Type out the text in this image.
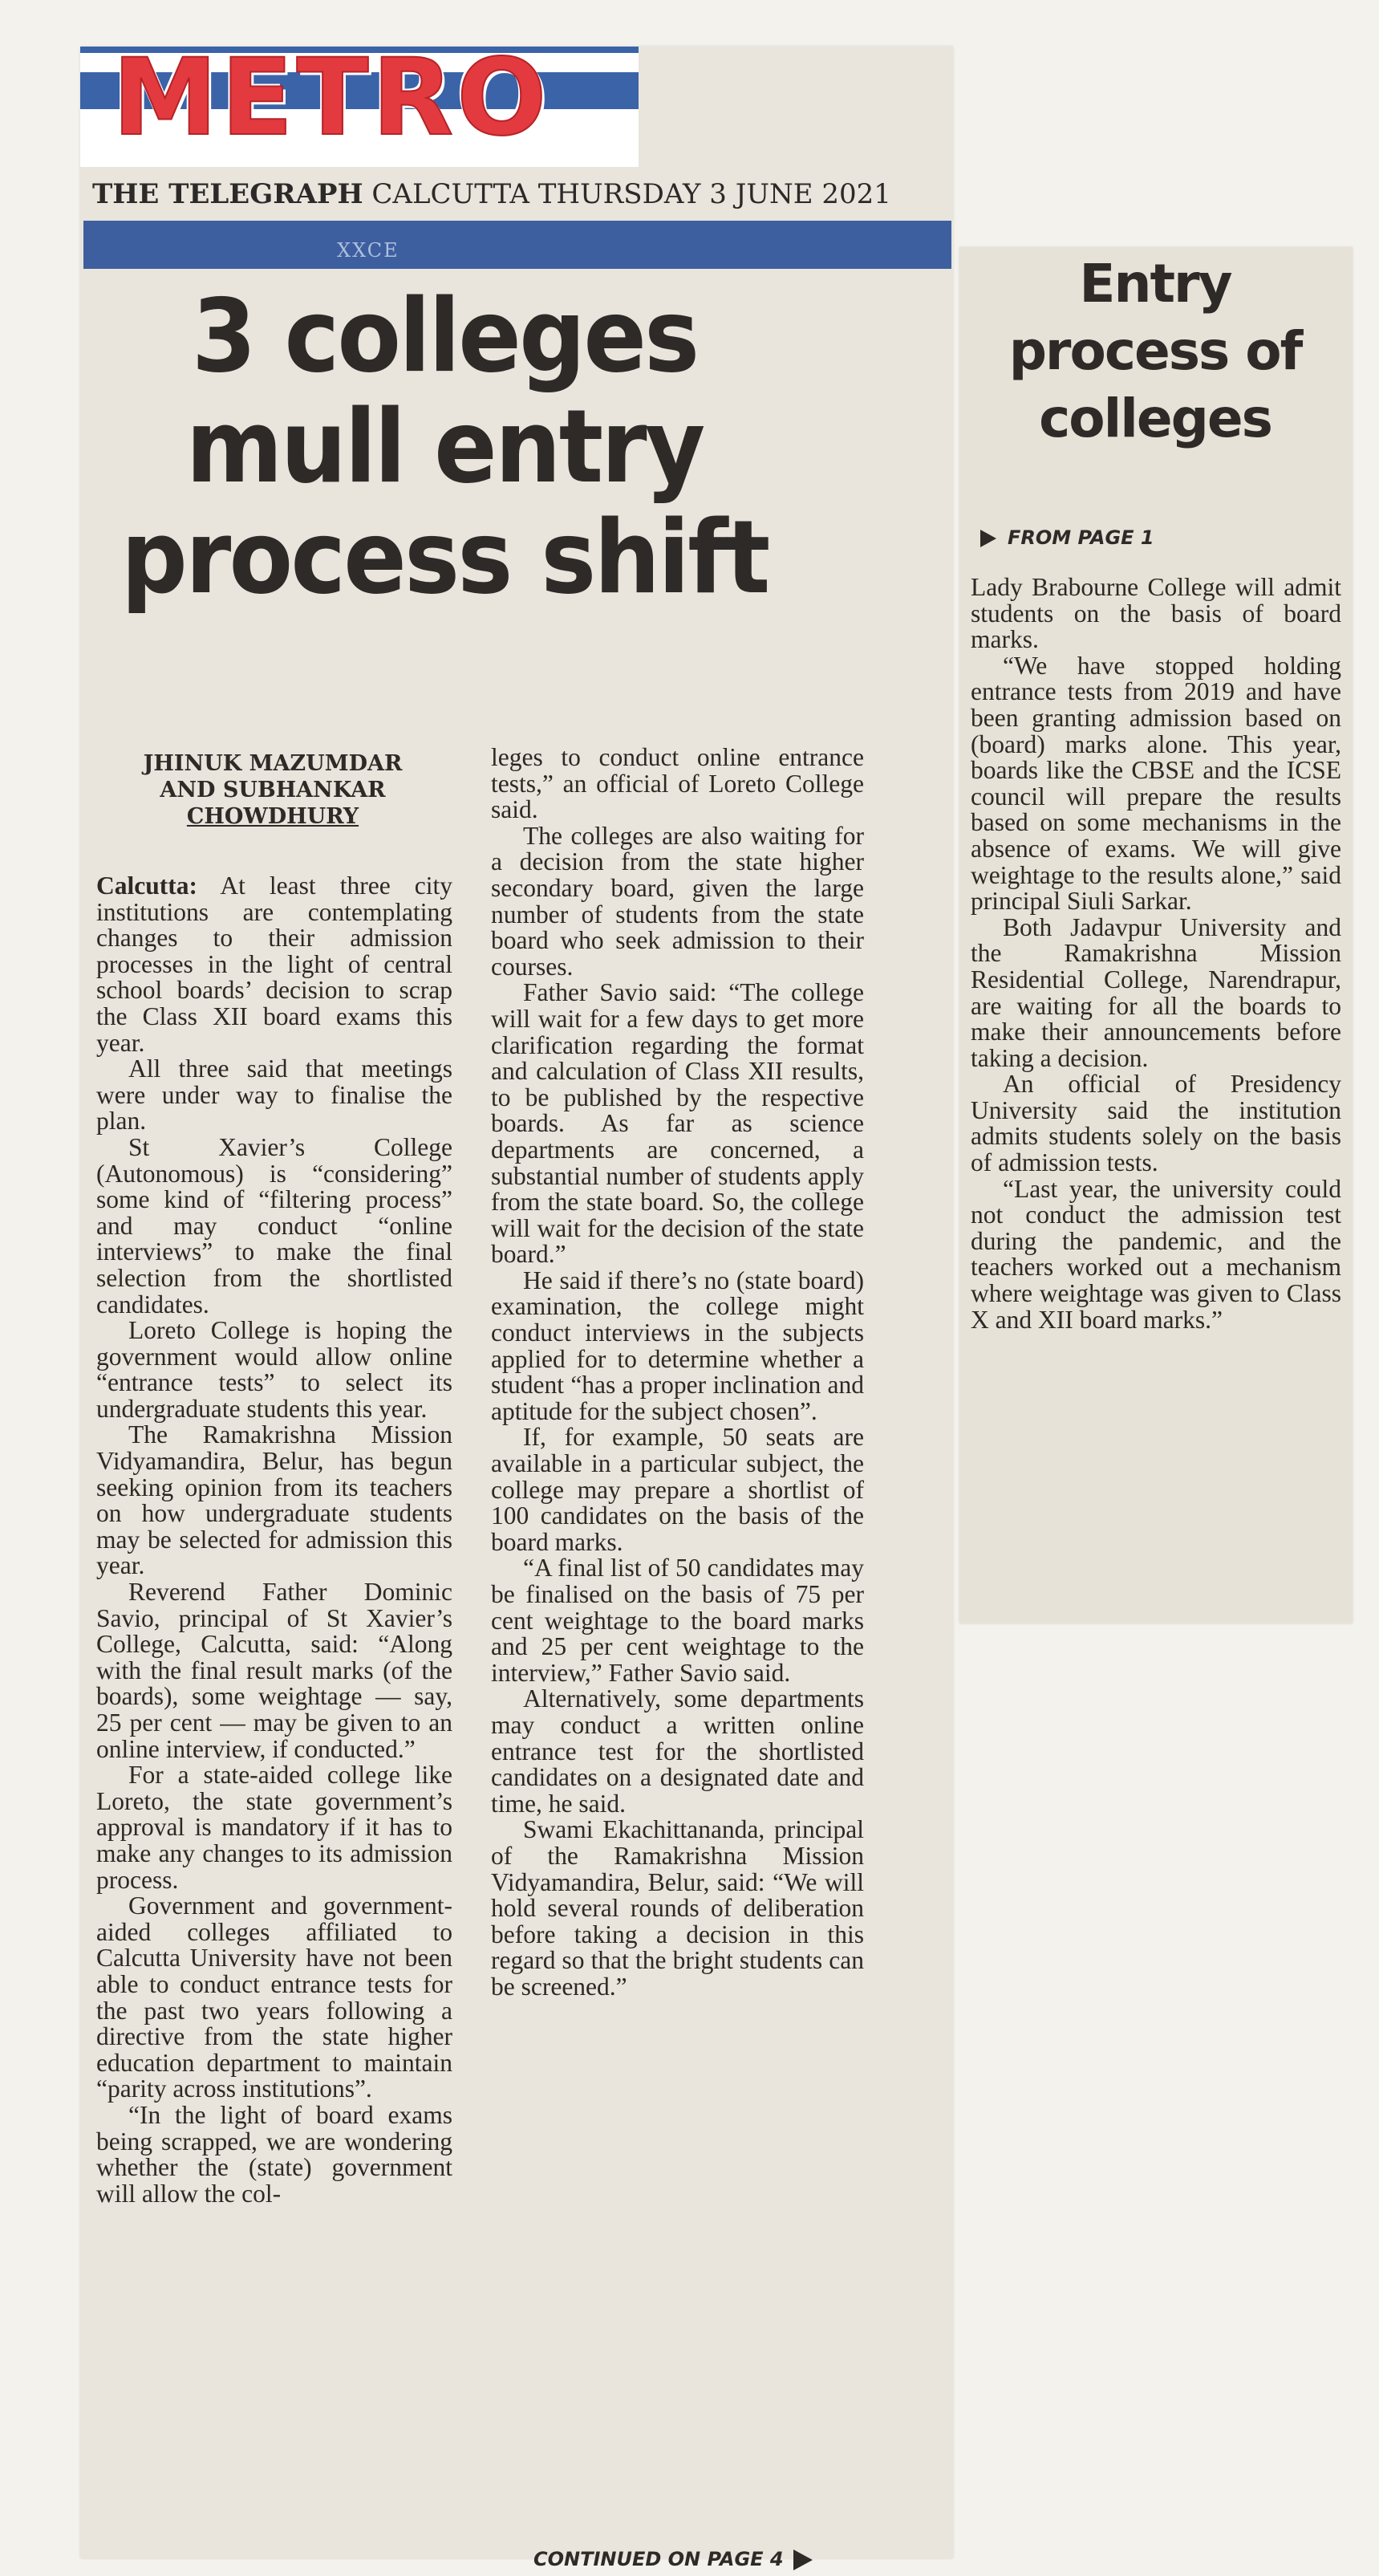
METRO
THE TELEGRAPH CALCUTTA THURSDAY 3 JUNE 2021
XXCE
3 colleges mull entry process shift
JHINUK MAZUMDAR
AND SUBHANKAR
CHOWDHURY

Calcutta: At least three city institutions are contemplating changes to their admission processes in the light of central school boards’ decision to scrap the Class XII board exams this year.

All three said that meetings were under way to finalise the plan.

St Xavier’s College (Autonomous) is “considering” some kind of “filtering process” and may conduct “online interviews” to make the final selection from the shortlisted candidates.

Loreto College is hoping the government would allow online “entrance tests” to select its undergraduate students this year.

The Ramakrishna Mission Vidyamandira, Belur, has begun seeking opinion from its teachers on how undergraduate students may be selected for admission this year.

Reverend Father Dominic Savio, principal of St Xavier’s College, Calcutta, said: “Along with the final result marks (of the boards), some weightage — say, 25 per cent — may be given to an online interview, if conducted.”

For a state-aided college like Loreto, the state government’s approval is mandatory if it has to make any changes to its admission process.

Government and government-aided colleges affiliated to Calcutta University have not been able to conduct entrance tests for the past two years following a directive from the state higher education department to maintain “parity across institutions”.

“In the light of board exams being scrapped, we are wondering whether the (state) government will allow the col-

leges to conduct online entrance tests,” an official of Loreto College said.

The colleges are also waiting for a decision from the state higher secondary board, given the large number of students from the state board who seek admission to their courses.

Father Savio said: “The college will wait for a few days to get more clarification regarding the format and calculation of Class XII results, to be published by the respective boards. As far as science departments are concerned, a substantial number of students apply from the state board. So, the college will wait for the decision of the state board.”

He said if there’s no (state board) examination, the college might conduct interviews in the subjects applied for to determine whether a student “has a proper inclination and aptitude for the subject chosen”.

If, for example, 50 seats are available in a particular subject, the college may prepare a shortlist of 100 candidates on the basis of the board marks.

“A final list of 50 candidates may be finalised on the basis of 75 per cent weightage to the board marks and 25 per cent weightage to the interview,” Father Savio said.

Alternatively, some departments may conduct a written online entrance test for the shortlisted candidates on a designated date and time, he said.

Swami Ekachittananda, principal of the Ramakrishna Mission Vidyamandira, Belur, said: “We will hold several rounds of deliberation before taking a decision in this regard so that the bright students can be screened.”

CONTINUED ON PAGE 4
Entry process of colleges
FROM PAGE 1

Lady Brabourne College will admit students on the basis of board marks.

“We have stopped holding entrance tests from 2019 and have been granting admission based on (board) marks alone. This year, boards like the CBSE and the ICSE council will prepare the results based on some mechanisms in the absence of exams. We will give weightage to the results alone,” said principal Siuli Sarkar.

Both Jadavpur University and the Ramakrishna Mission Residential College, Narendrapur, are waiting for all the boards to make their announcements before taking a decision.

An official of Presidency University said the institution admits students solely on the basis of admission tests.

“Last year, the university could not conduct the admission test during the pandemic, and the teachers worked out a mechanism where weightage was given to Class X and XII board marks.”
